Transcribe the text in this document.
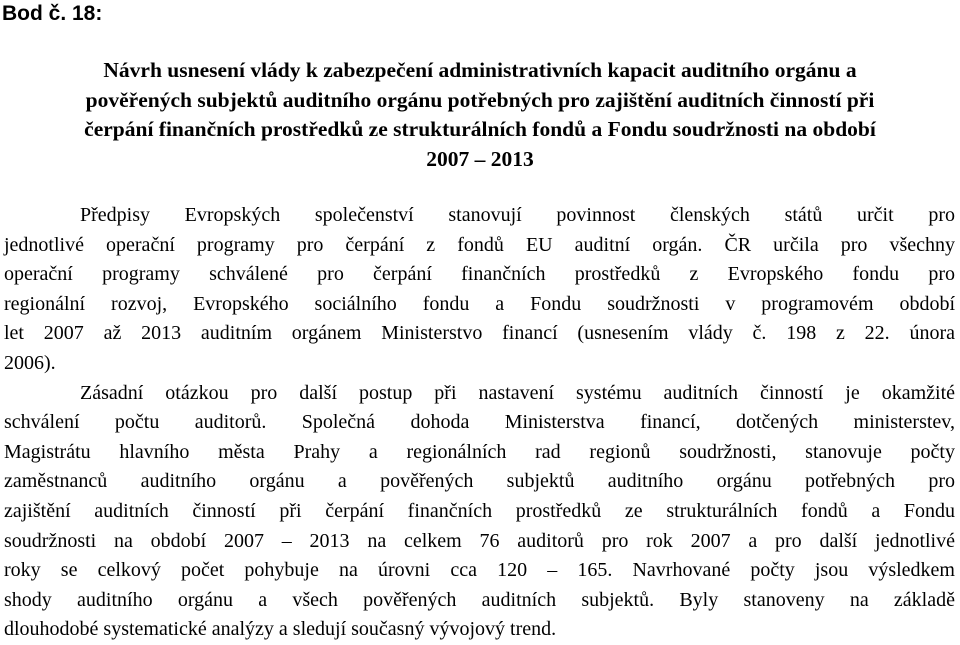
Bod č. 18:
Návrh usnesení vlády k zabezpečení administrativních kapacit auditního orgánu a
pověřených subjektů auditního orgánu potřebných pro zajištění auditních činností při
čerpání finančních prostředků ze strukturálních fondů a Fondu soudržnosti na období
2007 – 2013
Předpisy Evropských společenství stanovují povinnost členských států určit pro
jednotlivé operační programy pro čerpání z fondů EU auditní orgán. ČR určila pro všechny
operační programy schválené pro čerpání finančních prostředků z Evropského fondu pro
regionální rozvoj, Evropského sociálního fondu a Fondu soudržnosti v programovém období
let 2007 až 2013 auditním orgánem Ministerstvo financí (usnesením vlády č. 198 z 22. února
2006).
Zásadní otázkou pro další postup při nastavení systému auditních činností je okamžité
schválení počtu auditorů. Společná dohoda Ministerstva financí, dotčených ministerstev,
Magistrátu hlavního města Prahy a regionálních rad regionů soudržnosti, stanovuje počty
zaměstnanců auditního orgánu a pověřených subjektů auditního orgánu potřebných pro
zajištění auditních činností při čerpání finančních prostředků ze strukturálních fondů a Fondu
soudržnosti na období 2007 – 2013 na celkem 76 auditorů pro rok 2007 a pro další jednotlivé
roky se celkový počet pohybuje na úrovni cca 120 – 165. Navrhované počty jsou výsledkem
shody auditního orgánu a všech pověřených auditních subjektů. Byly stanoveny na základě
dlouhodobé systematické analýzy a sledují současný vývojový trend.
